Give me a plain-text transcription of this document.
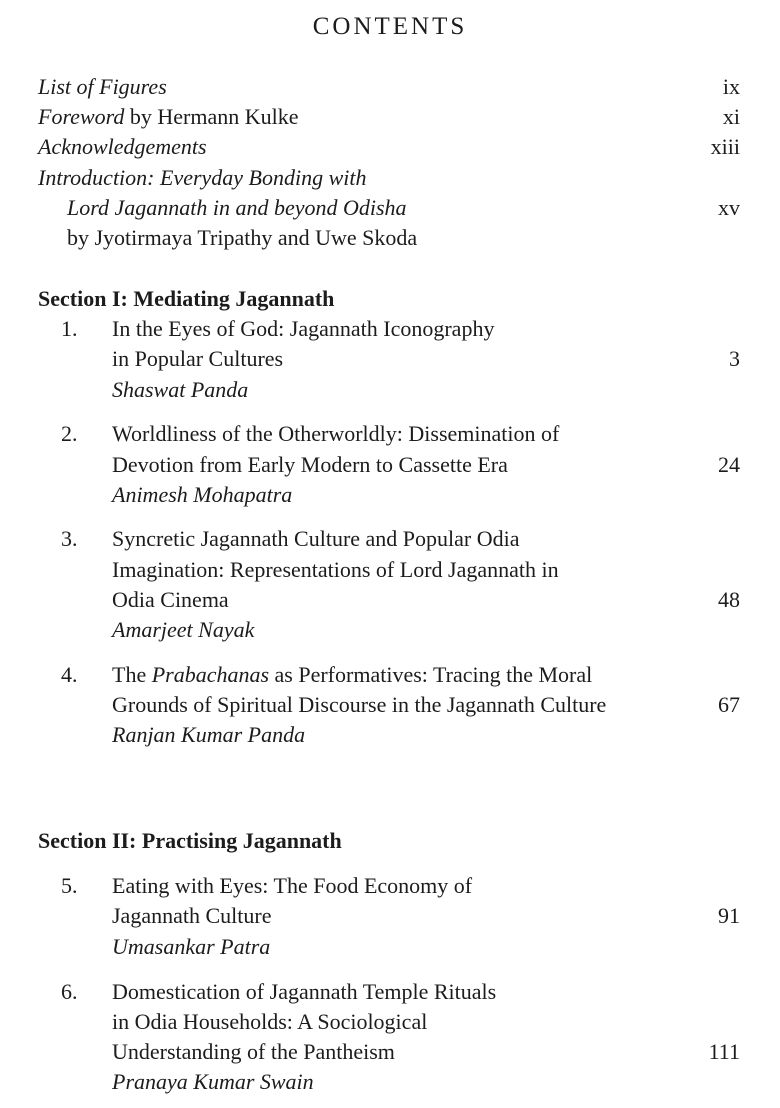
CONTENTS
List of Figures	ix
Foreword by Hermann Kulke	xi
Acknowledgements	xiii
Introduction: Everyday Bonding with
Lord Jagannath in and beyond Odisha	xv
by Jyotirmaya Tripathy and Uwe Skoda
Section I: Mediating Jagannath
1. In the Eyes of God: Jagannath Iconography
in Popular Cultures	3
Shaswat Panda
2. Worldliness of the Otherworldly: Dissemination of
Devotion from Early Modern to Cassette Era	24
Animesh Mohapatra
3. Syncretic Jagannath Culture and Popular Odia
Imagination: Representations of Lord Jagannath in
Odia Cinema	48
Amarjeet Nayak
4. The Prabachanas as Performatives: Tracing the Moral
Grounds of Spiritual Discourse in the Jagannath Culture	67
Ranjan Kumar Panda
Section II: Practising Jagannath
5. Eating with Eyes: The Food Economy of
Jagannath Culture	91
Umasankar Patra
6. Domestication of Jagannath Temple Rituals
in Odia Households: A Sociological
Understanding of the Pantheism	111
Pranaya Kumar Swain
